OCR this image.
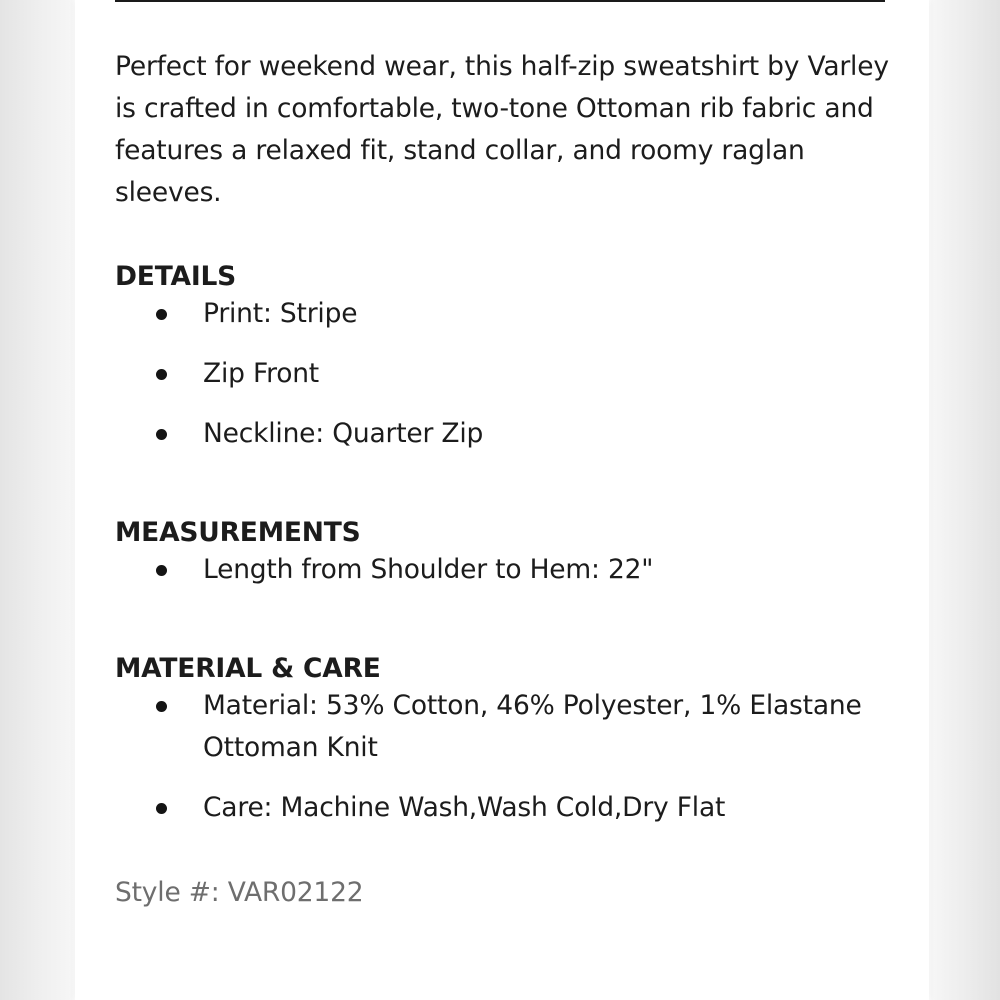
Perfect for weekend wear, this half-zip sweatshirt by Varley is crafted in comfortable, two-tone Ottoman rib fabric and features a relaxed fit, stand collar, and roomy raglan sleeves.

DETAILS
Print: Stripe
Zip Front
Neckline: Quarter Zip
MEASUREMENTS
Length from Shoulder to Hem: 22"
MATERIAL & CARE
Material: 53% Cotton, 46% Polyester, 1% Elastane Ottoman Knit
Care: Machine Wash,Wash Cold,Dry Flat
Style #: VAR02122
